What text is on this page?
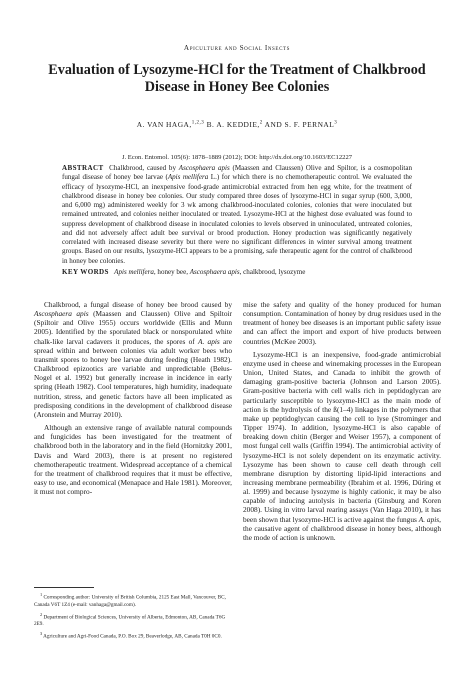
Apiculture and Social Insects
Evaluation of Lysozyme-HCl for the Treatment of Chalkbrood Disease in Honey Bee Colonies
A. VAN HAGA,$^{1,2,3}$ B. A. KEDDIE,$^2$ AND S. F. PERNAL$^3$
J. Econ. Entomol. 105(6): 1878–1889 (2012); DOI: http://dx.doi.org/10.1603/EC12227
ABSTRACT Chalkbrood, caused by Ascosphaera apis (Maassen and Claussen) Olive and Spiltor, is a cosmopolitan fungal disease of honey bee larvae (Apis mellifera L.) for which there is no chemotherapeutic control. We evaluated the efficacy of lysozyme-HCl, an inexpensive food-grade antimicrobial extracted from hen egg white, for the treatment of chalkbrood disease in honey bee colonies. Our study compared three doses of lysozyme-HCl in sugar syrup (600, 3,000, and 6,000 mg) administered weekly for 3 wk among chalkbrood-inoculated colonies, colonies that were inoculated but remained untreated, and colonies neither inoculated or treated. Lysozyme-HCl at the highest dose evaluated was found to suppress development of chalkbrood disease in inoculated colonies to levels observed in uninoculated, untreated colonies, and did not adversely affect adult bee survival or brood production. Honey production was significantly negatively correlated with increased disease severity but there were no significant differences in winter survival among treatment groups. Based on our results, lysozyme-HCl appears to be a promising, safe therapeutic agent for the control of chalkbrood in honey bee colonies.
KEY WORDS Apis mellifera, honey bee, Ascosphaera apis, chalkbrood, lysozyme

Chalkbrood, a fungal disease of honey bee brood caused by Ascosphaera apis (Maassen and Claussen) Olive and Spiltoir (Spiltoir and Olive 1955) occurs worldwide (Ellis and Munn 2005). Identified by the sporulated black or nonsporulated white chalk-like larval cadavers it produces, the spores of A. apis are spread within and between colonies via adult worker bees who transmit spores to honey bee larvae during feeding (Heath 1982). Chalkbrood epizootics are variable and unpredictable (Bełus-Nogel et al. 1992) but generally increase in incidence in early spring (Heath 1982). Cool temperatures, high humidity, inadequate nutrition, stress, and genetic factors have all been implicated as predisposing conditions in the development of chalkbrood disease (Aronstein and Murray 2010).

Although an extensive range of available natural compounds and fungicides has been investigated for the treatment of chalkbrood both in the laboratory and in the field (Hornitzky 2001, Davis and Ward 2003), there is at present no registered chemotherapeutic treatment. Widespread acceptance of a chemical for the treatment of chalkbrood requires that it must be effective, easy to use, and economical (Menapace and Hale 1981). Moreover, it must not compro-

mise the safety and quality of the honey produced for human consumption. Contamination of honey by drug residues used in the treatment of honey bee diseases is an important public safety issue and can affect the import and export of hive products between countries (McKee 2003).

Lysozyme-HCl is an inexpensive, food-grade antimicrobial enzyme used in cheese and winemaking processes in the European Union, United States, and Canada to inhibit the growth of damaging gram-positive bacteria (Johnson and Larson 2005). Gram-positive bacteria with cell walls rich in peptidoglycan are particularly susceptible to lysozyme-HCl as the main mode of action is the hydrolysis of the ß(1–4) linkages in the polymers that make up peptidoglycan causing the cell to lyse (Strominger and Tipper 1974). In addition, lysozyme-HCl is also capable of breaking down chitin (Berger and Weiser 1957), a component of most fungal cell walls (Griffin 1994). The antimicrobial activity of lysozyme-HCl is not solely dependent on its enzymatic activity. Lysozyme has been shown to cause cell death through cell membrane disruption by distorting lipid-lipid interactions and increasing membrane permeability (Ibrahim et al. 1996, Düring et al. 1999) and because lysozyme is highly cationic, it may be also capable of inducing autolysis in bacteria (Ginsburg and Koren 2008). Using in vitro larval rearing assays (Van Haga 2010), it has been shown that lysozyme-HCl is active against the fungus A. apis, the causative agent of chalkbrood disease in honey bees, although the mode of action is unknown.

$^1$ Corresponding author: University of British Columbia, 2125 East Mall, Vancouver, BC, Canada V6T 1Z4 (e-mail: vanhaga@gmail.com).

$^2$ Department of Biological Sciences, University of Alberta, Edmonton, AB, Canada T6G 2E9.

$^3$ Agriculture and Agri-Food Canada, P.O. Box 29, Beaverlodge, AB, Canada T0H 0C0.
